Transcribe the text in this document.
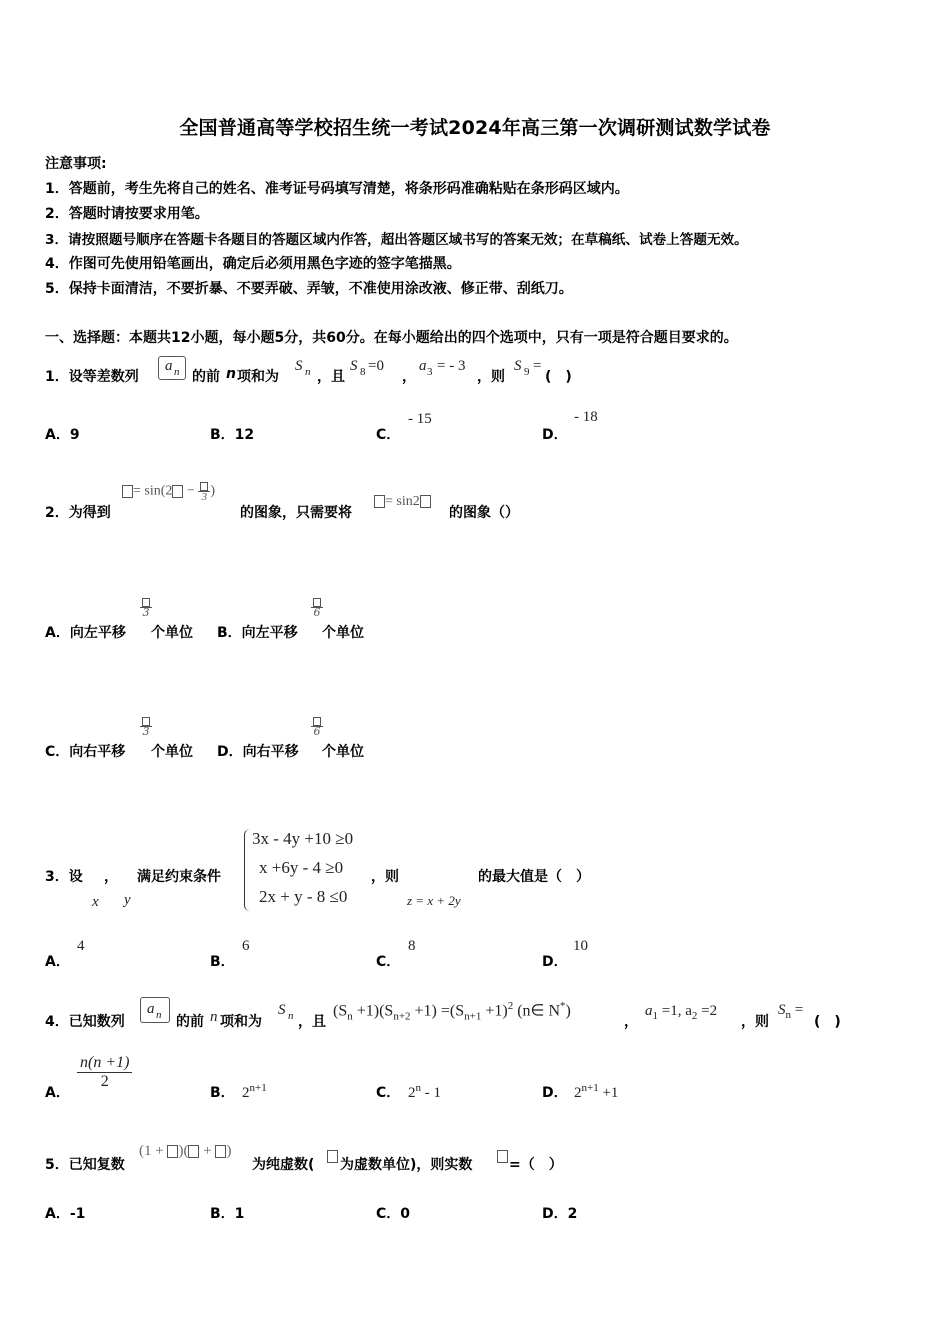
全国普通高等学校招生统一考试2024年高三第一次调研测试数学试卷
注意事项:
1．答题前，考生先将自己的姓名、准考证号码填写清楚，将条形码准确粘贴在条形码区域内。
2．答题时请按要求用笔。
3．请按照题号顺序在答题卡各题目的答题区域内作答，超出答题区域书写的答案无效；在草稿纸、试卷上答题无效。
4．作图可先使用铅笔画出，确定后必须用黑色字迹的签字笔描黑。
5．保持卡面清洁，不要折暴、不要弄破、弄皱，不准使用涂改液、修正带、刮纸刀。
一、选择题：本题共12小题，每小题5分，共60分。在每小题给出的四个选项中，只有一项是符合题目要求的。
1．设等差数列
a n 的前 n 项和为
S n ，且
S 8 =0
，
a 3 = - 3
，则
S 9 =
(　)
A．9	B．12	C．
- 15
D．
- 18
2．为得到
= sin(2 − 3 )
的图象，只需要将
= sin2
的图象（）
A．向左平移
3
个单位 B．向左平移
6
个单位
C．向右平移
3
个单位 D．向右平移
6
个单位
3．设
x
，
y
满足约束条件
3x - 4y +10 ≥0
x +6y - 4 ≥0
2x + y - 8 ≤0
，则
z = x + 2y
的最大值是（　）
A．
4
B．
6
C．
8
D．
10
4．已知数列
a n 的前 n 项和为
S n ，且
$(S_n +1)(S_{n+2} +1) =(S_{n+1} +1)^2$ (n∈ N*)
，
$a_1 =1$, $a_2 =2$
，则
$S_n$ =
(　)
A．
n(n +1)
2
B． $2^{n+1}$	C． 2$^n$ - 1	D． $2^{n+1} +1$
5．已知复数
(1 + )( + )
为纯虚数( 为虚数单位)，则实数	=（　）
A．-1	B．1	C．0	D．2
